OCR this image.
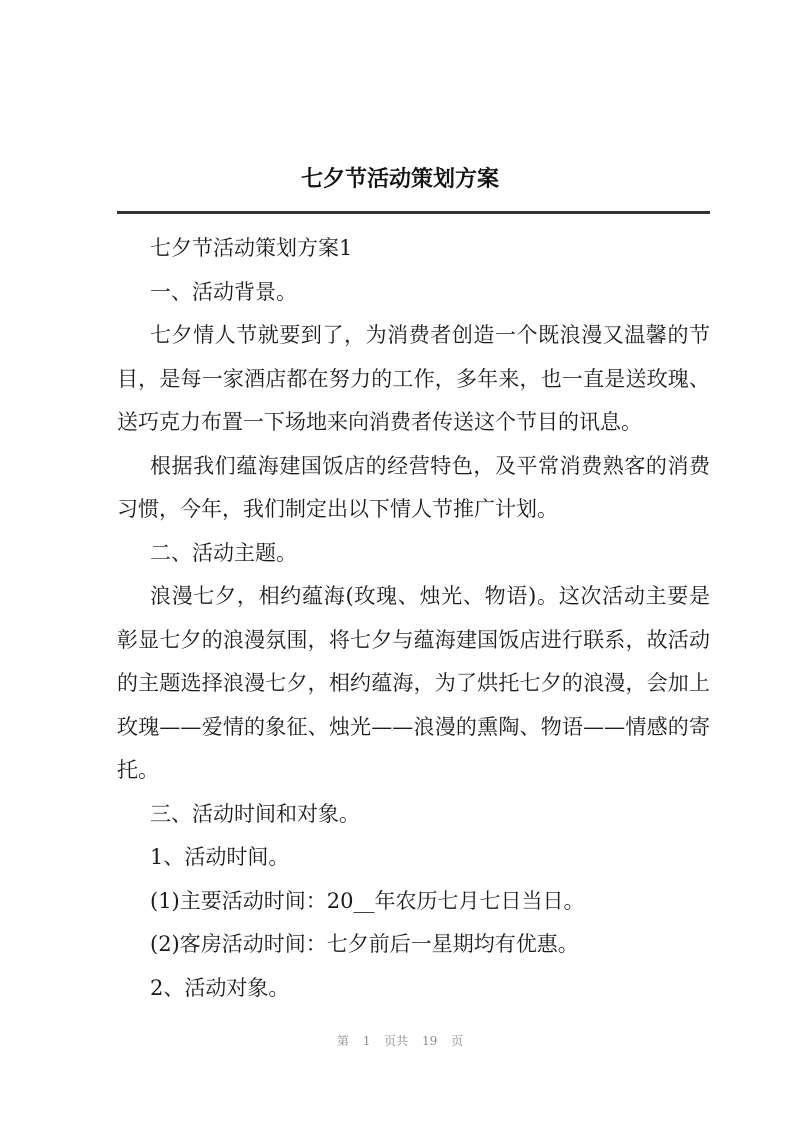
七夕节活动策划方案
七夕节活动策划方案1
一、活动背景。
七夕情人节就要到了，为消费者创造一个既浪漫又温馨的节
目，是每一家酒店都在努力的工作，多年来，也一直是送玫瑰、
送巧克力布置一下场地来向消费者传送这个节目的讯息。
根据我们蕴海建国饭店的经营特色，及平常消费熟客的消费
习惯，今年，我们制定出以下情人节推广计划。
二、活动主题。
浪漫七夕，相约蕴海(玫瑰、烛光、物语)。这次活动主要是
彰显七夕的浪漫氛围，将七夕与蕴海建国饭店进行联系，故活动
的主题选择浪漫七夕，相约蕴海，为了烘托七夕的浪漫，会加上
玫瑰——爱情的象征、烛光——浪漫的熏陶、物语——情感的寄
托。
三、活动时间和对象。
1、活动时间。
(1)主要活动时间：20__年农历七月七日当日。
(2)客房活动时间：七夕前后一星期均有优惠。
2、活动对象。
第 1 页共 19 页
